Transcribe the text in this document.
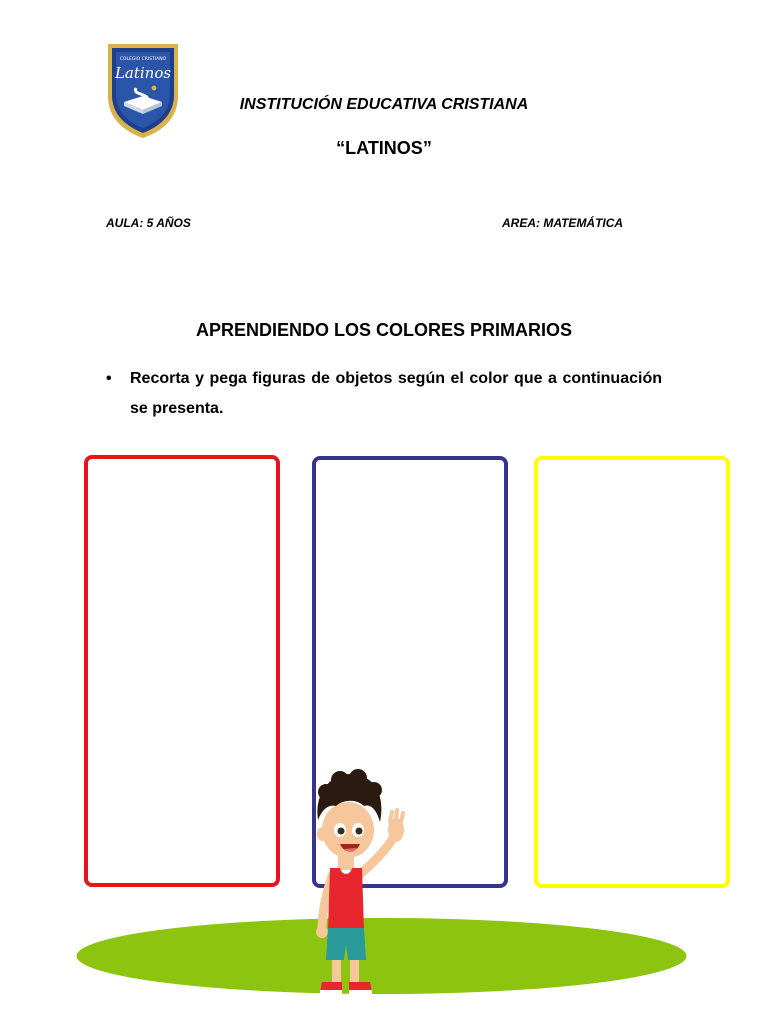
COLEGIO CRISTIANO
Latinos
INSTITUCIÓN EDUCATIVA CRISTIANA
“LATINOS”
AULA: 5 AÑOS	AREA: MATEMÁTICA
APRENDIENDO LOS COLORES PRIMARIOS
•	Recorta y pega figuras de objetos según el color que a continuación se presenta.
